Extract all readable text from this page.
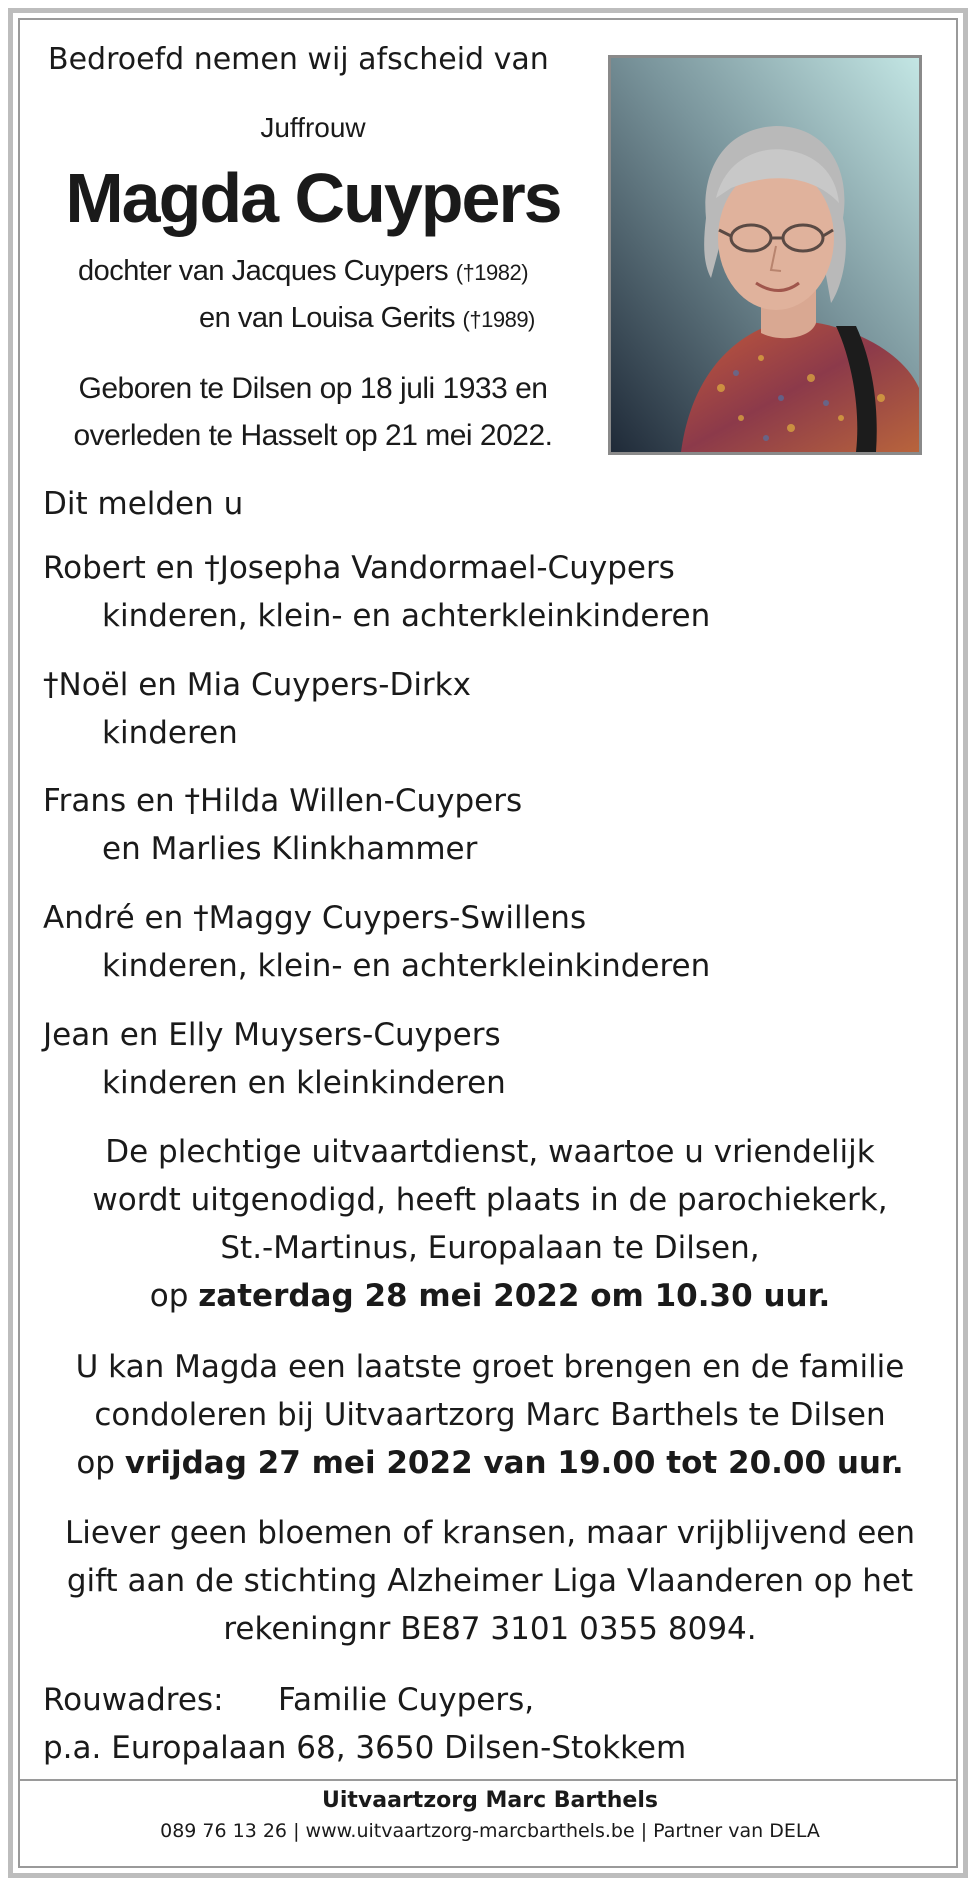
Bedroefd nemen wij afscheid van
Juffrouw
Magda Cuypers
dochter van Jacques Cuypers (†1982)
en van Louisa Gerits (†1989)
Geboren te Dilsen op 18 juli 1933 en
overleden te Hasselt op 21 mei 2022.
Dit melden u
Robert en †Josepha Vandormael-Cuypers
kinderen, klein- en achterkleinkinderen
†Noël en Mia Cuypers-Dirkx
kinderen
Frans en †Hilda Willen-Cuypers
en Marlies Klinkhammer
André en †Maggy Cuypers-Swillens
kinderen, klein- en achterkleinkinderen
Jean en Elly Muysers-Cuypers
kinderen en kleinkinderen
De plechtige uitvaartdienst, waartoe u vriendelijk
wordt uitgenodigd, heeft plaats in de parochiekerk,
St.-Martinus, Europalaan te Dilsen,
op zaterdag 28 mei 2022 om 10.30 uur.
U kan Magda een laatste groet brengen en de familie
condoleren bij Uitvaartzorg Marc Barthels te Dilsen
op vrijdag 27 mei 2022 van 19.00 tot 20.00 uur.
Liever geen bloemen of kransen, maar vrijblijvend een
gift aan de stichting Alzheimer Liga Vlaanderen op het
rekeningnr BE87 3101 0355 8094.
Rouwadres: Familie Cuypers,
p.a. Europalaan 68, 3650 Dilsen-Stokkem
Uitvaartzorg Marc Barthels
089 76 13 26 | www.uitvaartzorg-marcbarthels.be | Partner van DELA
